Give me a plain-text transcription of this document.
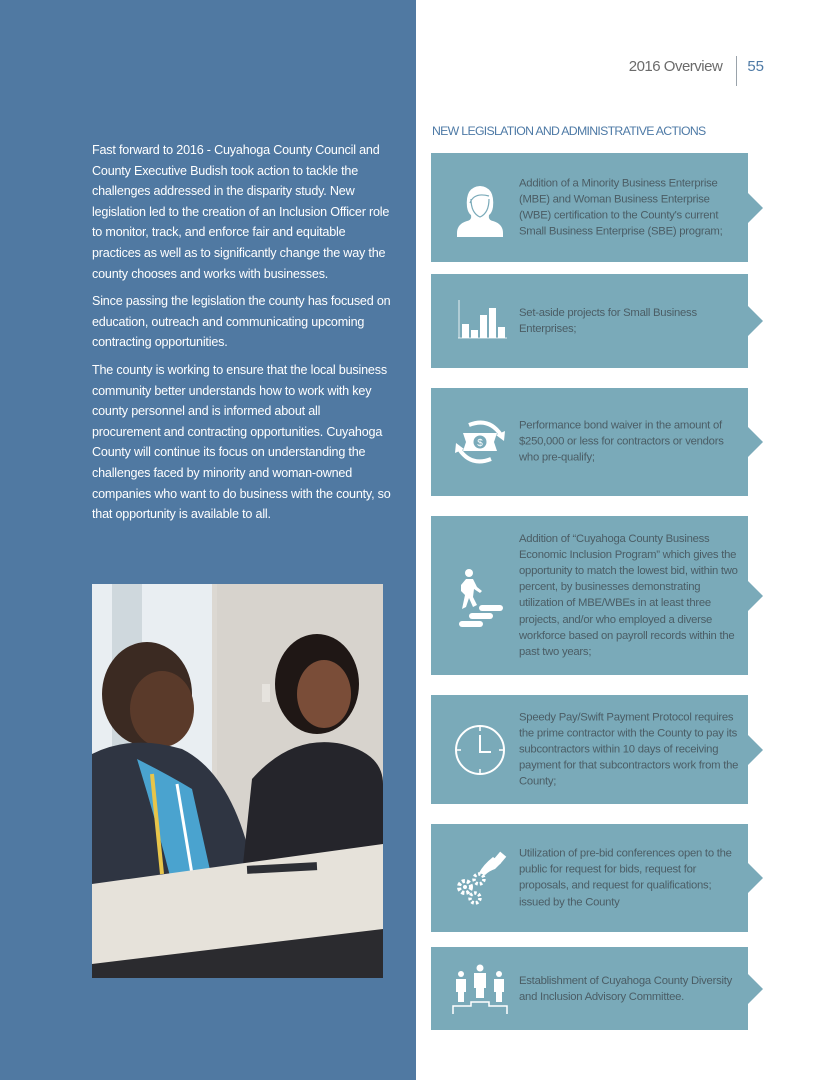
Fast forward to 2016 - Cuyahoga County Council and County Executive Budish took action to tackle the challenges addressed in the disparity study. New legislation led to the creation of an Inclusion Officer role to monitor, track, and enforce fair and equitable practices as well as to significantly change the way the county chooses and works with businesses.

Since passing the legislation the county has focused on education, outreach and communicating upcoming contracting opportunities.

The county is working to ensure that the local business community better understands how to work with key county personnel and is informed about all procurement and contracting opportunities. Cuyahoga County will continue its focus on understanding the challenges faced by minority and woman-owned companies who want to do business with the county, so that opportunity is available to all.

2016 Overview 55
NEW LEGISLATION AND ADMINISTRATIVE ACTIONS
Addition of a Minority Business Enterprise (MBE) and Woman Business Enterprise (WBE) certification to the County's current Small Business Enterprise (SBE) program;
Set-aside projects for Small Business Enterprises;
$
Performance bond waiver in the amount of $250,000 or less for contractors or vendors who pre-qualify;
Addition of “Cuyahoga County Business Economic Inclusion Program” which gives the opportunity to match the lowest bid, within two percent, by businesses demonstrating utilization of MBE/WBEs in at least three projects, and/or who employed a diverse workforce based on payroll records within the past two years;
Speedy Pay/Swift Payment Protocol requires the prime contractor with the County to pay its subcontractors within 10 days of receiving payment for that subcontractors work from the County;
Utilization of pre-bid conferences open to the public for request for bids, request for proposals, and request for qualifications; issued by the County
Establishment of Cuyahoga County Diversity and Inclusion Advisory Committee.
